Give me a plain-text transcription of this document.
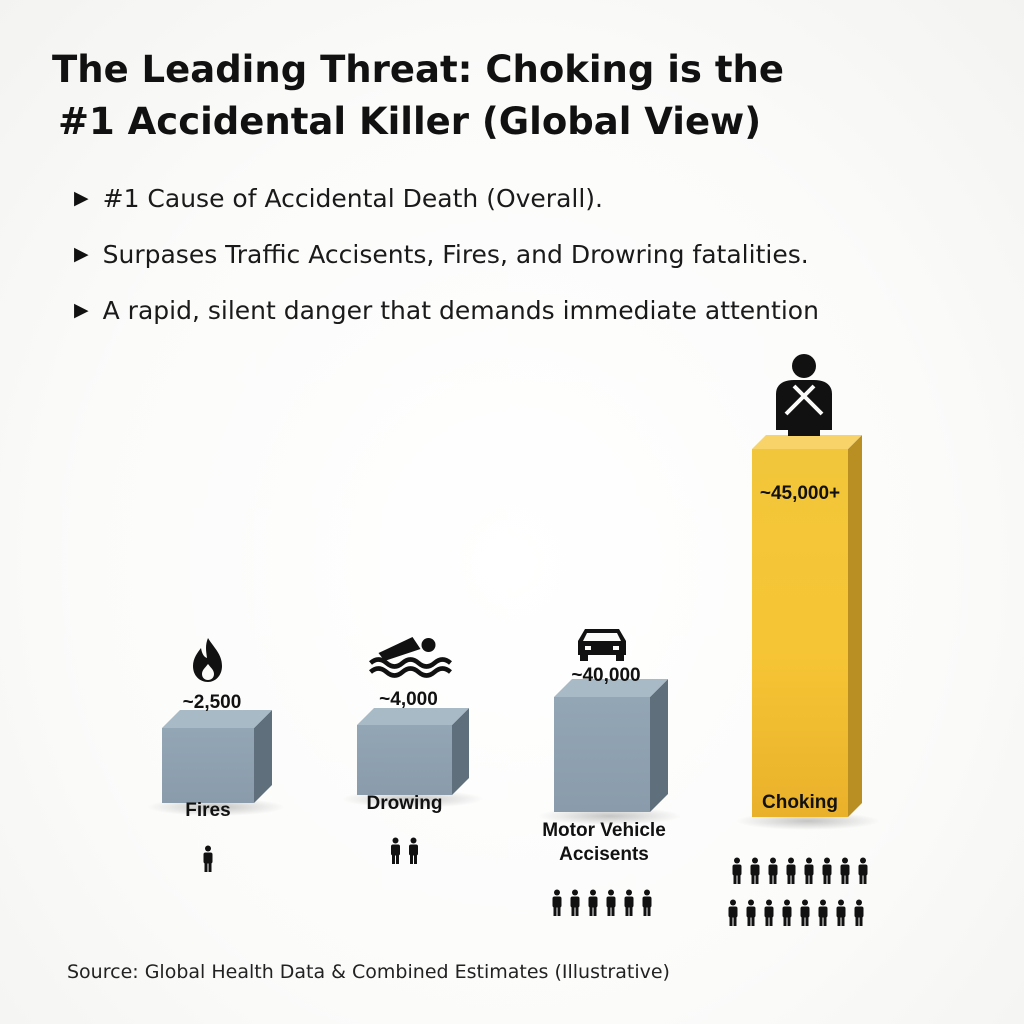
The Leading Threat: Choking is the
#1 Accidental Killer (Global View)
▶ #1 Cause of Accidental Death (Overall).
▶ Surpases Traffic Accisents, Fires, and Drowring fatalities.
▶ A rapid, silent danger that demands immediate attention
~2,500
Fires
~4,000
Drowing
~40,000
Motor Vehicle
Accisents
~45,000+
Choking
Source: Global Health Data & Combined Estimates (Illustrative)
